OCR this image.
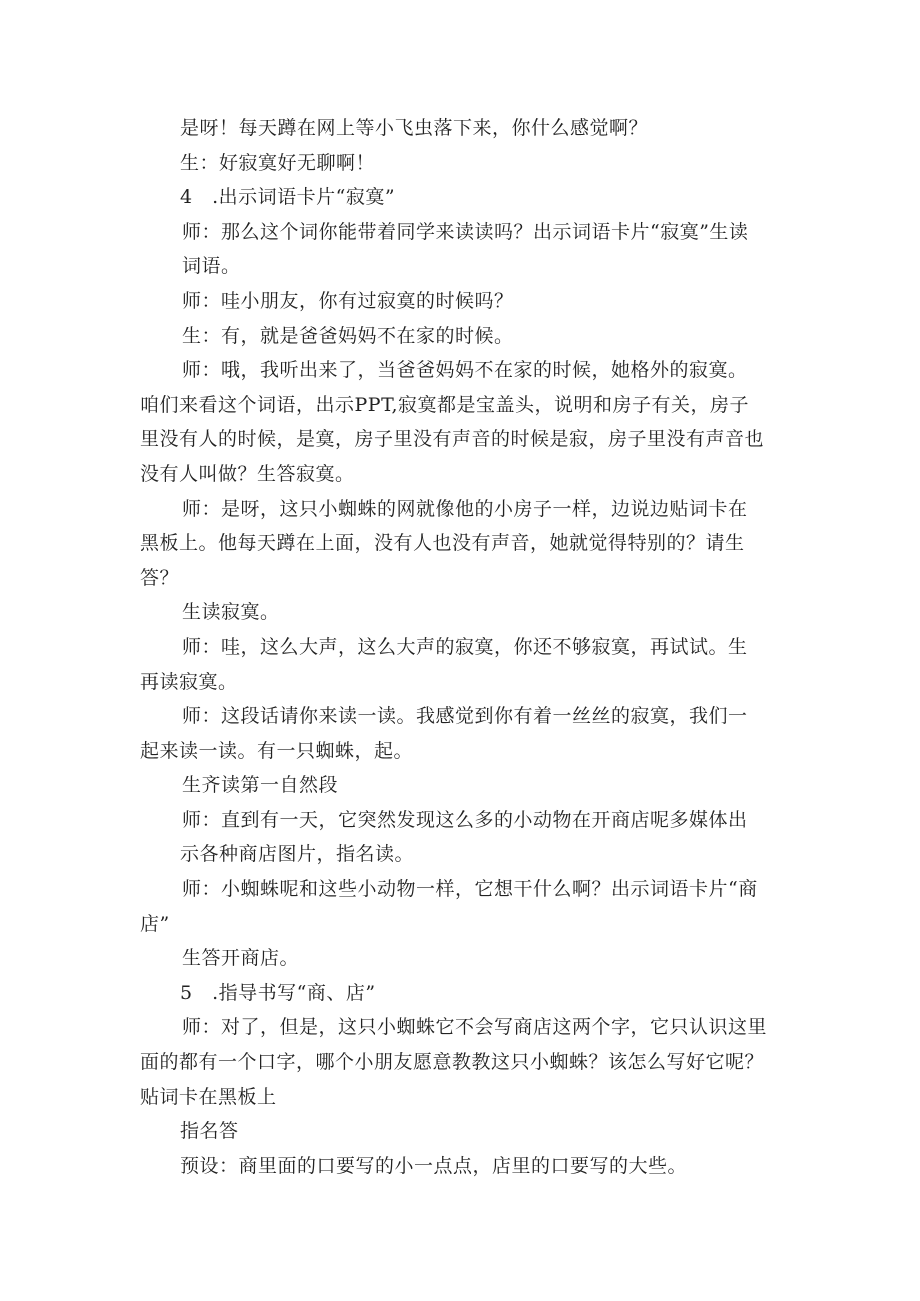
是呀！每天蹲在网上等小飞虫落下来，你什么感觉啊？
生：好寂寞好无聊啊！
4　.出示词语卡片“寂寞”
师：那么这个词你能带着同学来读读吗？出示词语卡片“寂寞”生读
词语。
师：哇小朋友，你有过寂寞的时候吗？
生：有，就是爸爸妈妈不在家的时候。
师：哦，我听出来了，当爸爸妈妈不在家的时候，她格外的寂寞。
咱们来看这个词语，出示PPT,寂寞都是宝盖头，说明和房子有关，房子
里没有人的时候，是寞，房子里没有声音的时候是寂，房子里没有声音也
没有人叫做？生答寂寞。
师：是呀，这只小蜘蛛的网就像他的小房子一样，边说边贴词卡在
黑板上。他每天蹲在上面，没有人也没有声音，她就觉得特别的？请生
答？
生读寂寞。
师：哇，这么大声，这么大声的寂寞，你还不够寂寞，再试试。生
再读寂寞。
师：这段话请你来读一读。我感觉到你有着一丝丝的寂寞，我们一
起来读一读。有一只蜘蛛，起。
生齐读第一自然段
师：直到有一天，它突然发现这么多的小动物在开商店呢多媒体出
示各种商店图片，指名读。
师：小蜘蛛呢和这些小动物一样，它想干什么啊？出示词语卡片“商
店”
生答开商店。
5　.指导书写“商、店”
师：对了，但是，这只小蜘蛛它不会写商店这两个字，它只认识这里
面的都有一个口字，哪个小朋友愿意教教这只小蜘蛛？该怎么写好它呢？
贴词卡在黑板上
指名答
预设：商里面的口要写的小一点点，店里的口要写的大些。
